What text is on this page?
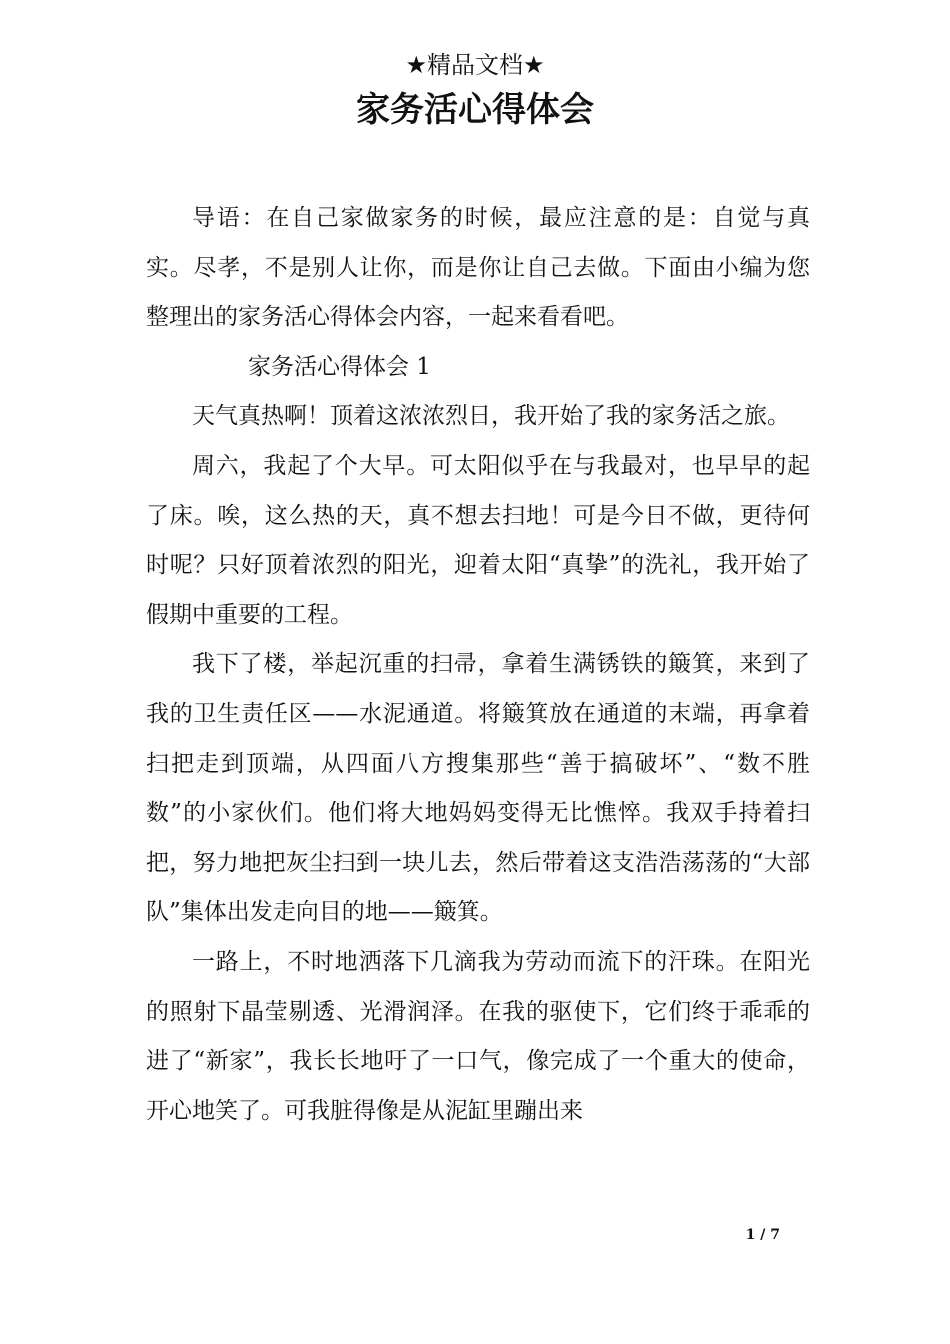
★精品文档★
家务活心得体会

导语：在自己家做家务的时候，最应注意的是：自觉与真实。尽孝，不是别人让你，而是你让自己去做。下面由小编为您整理出的家务活心得体会内容，一起来看看吧。

家务活心得体会 1

天气真热啊！顶着这浓浓烈日，我开始了我的家务活之旅。

周六，我起了个大早。可太阳似乎在与我最对，也早早的起了床。唉，这么热的天，真不想去扫地！可是今日不做，更待何时呢？只好顶着浓烈的阳光，迎着太阳“真挚”的洗礼，我开始了假期中重要的工程。

我下了楼，举起沉重的扫帚，拿着生满锈铁的簸箕，来到了我的卫生责任区——水泥通道。将簸箕放在通道的末端，再拿着扫把走到顶端，从四面八方搜集那些“善于搞破坏”、“数不胜数”的小家伙们。他们将大地妈妈变得无比憔悴。我双手持着扫把，努力地把灰尘扫到一块儿去，然后带着这支浩浩荡荡的“大部队”集体出发走向目的地——簸箕。

一路上，不时地洒落下几滴我为劳动而流下的汗珠。在阳光的照射下晶莹剔透、光滑润泽。在我的驱使下，它们终于乖乖的进了“新家”，我长长地吁了一口气，像完成了一个重大的使命，开心地笑了。可我脏得像是从泥缸里蹦出来

1 / 7
